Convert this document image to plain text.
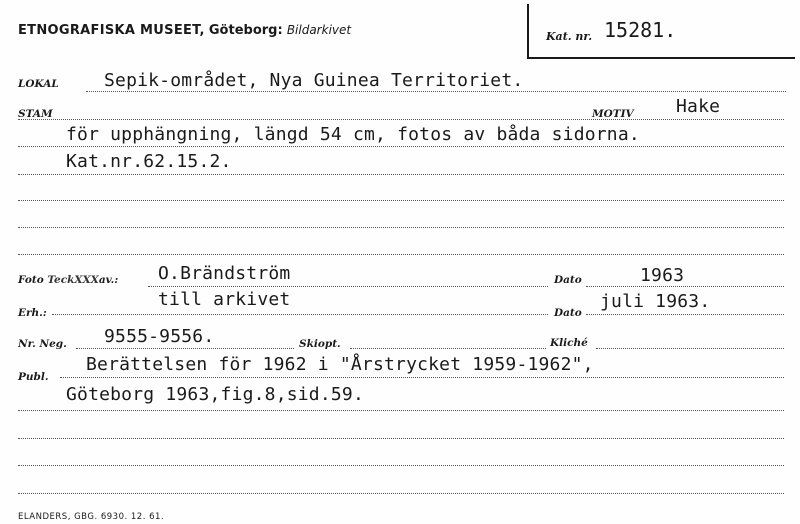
ETNOGRAFISKA MUSEET, Göteborg: Bildarkivet	Kat. nr. 15281.
LOKAL	Sepik-området, Nya Guinea Territoriet.
STAM	MOTIV Hake
för upphängning, längd 54 cm, fotos av båda sidorna.
Kat.nr.62.15.2.
Foto TeckXXXav.: O.Brändström	Dato	1963
Erh.:
till arkivet
Dato
juli 1963.
Nr. Neg. 9555-9556.	Skiopt.	Kliché
Publ.
Berättelsen för 1962 i "Årstrycket 1959-1962",
Göteborg 1963,fig.8,sid.59.
ELANDERS, GBG. 6930. 12. 61.
